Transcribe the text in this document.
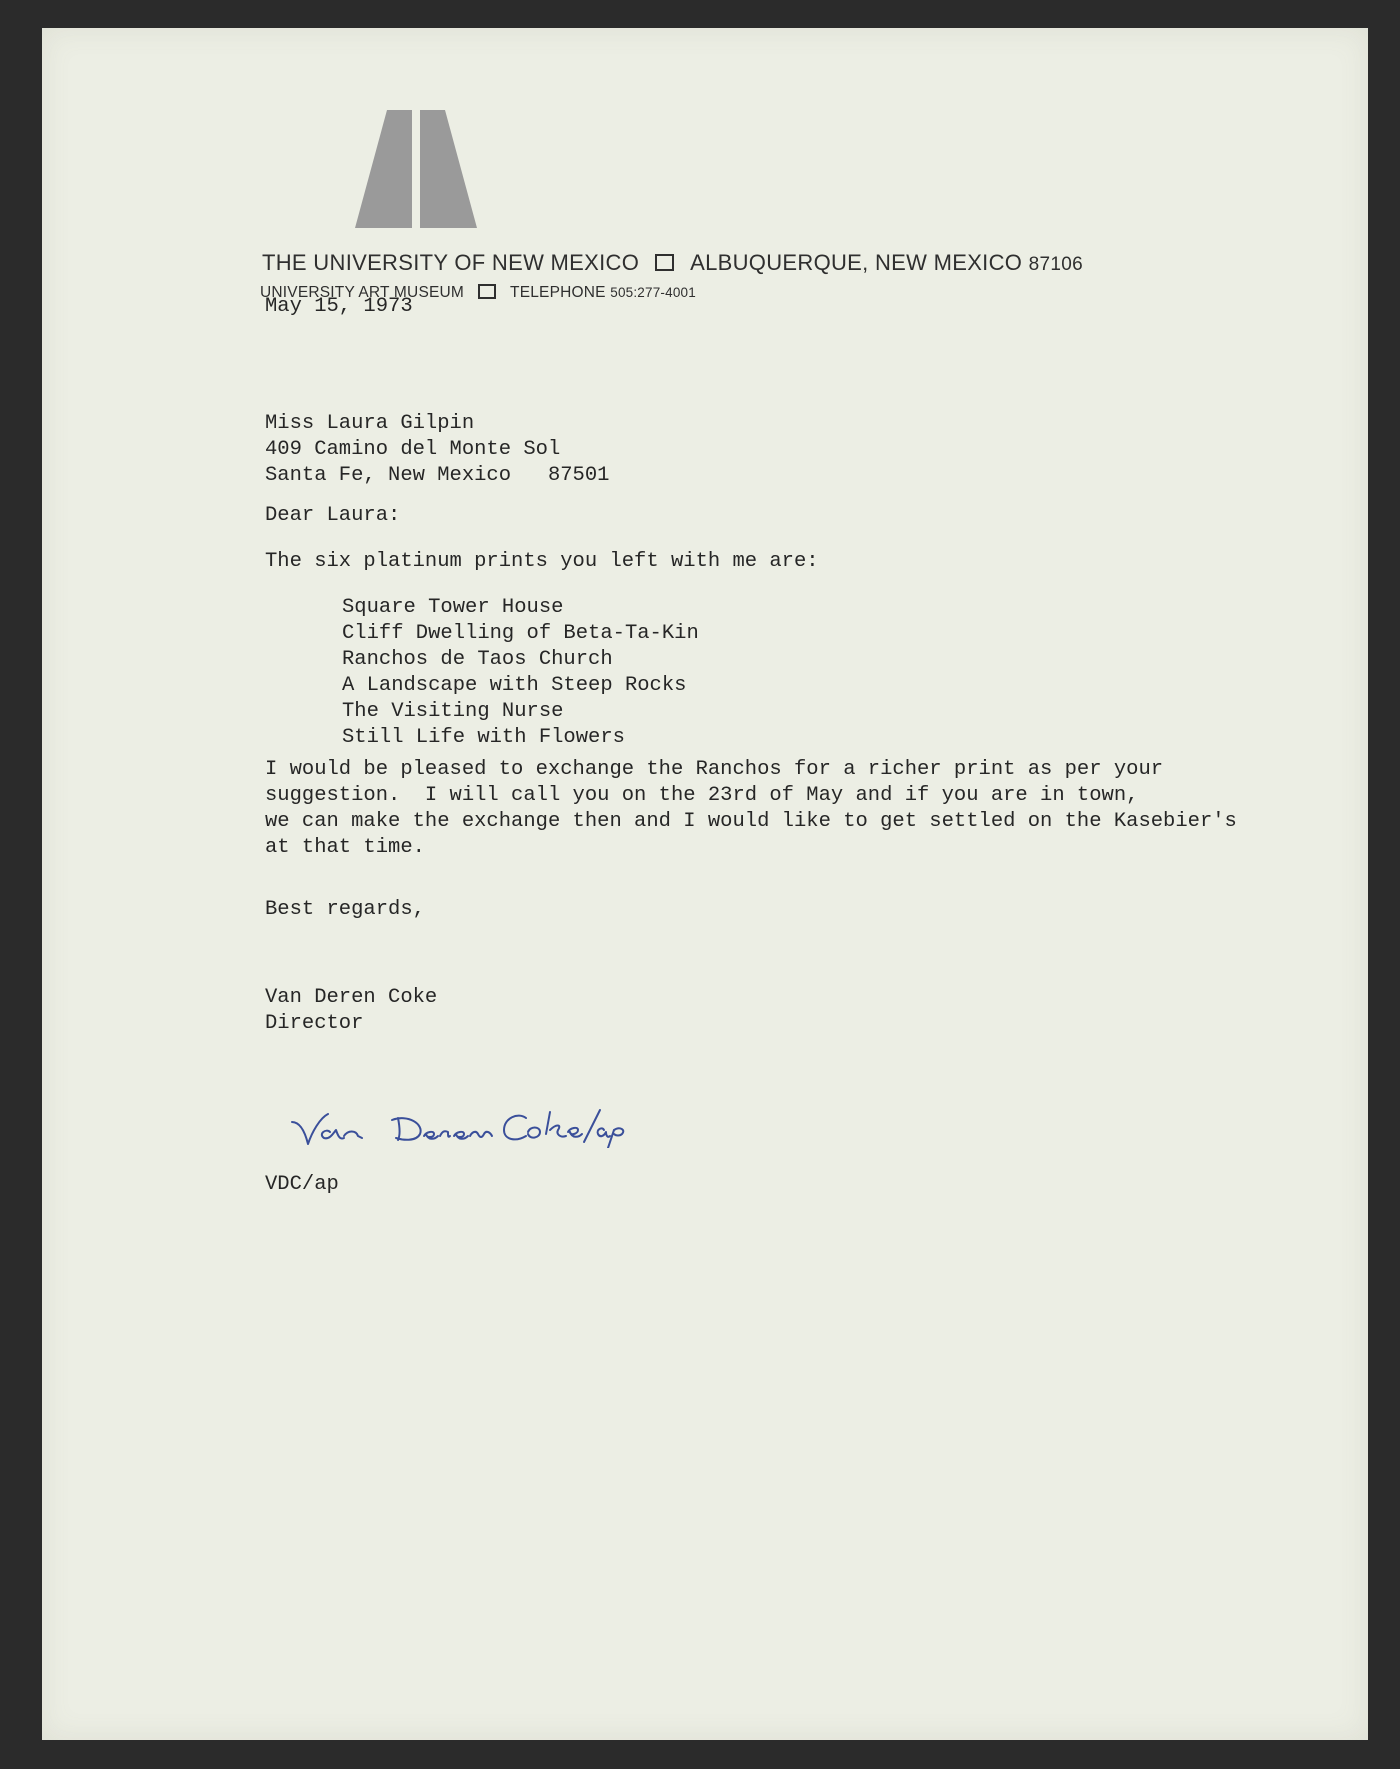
THE UNIVERSITY OF NEW MEXICO ALBUQUERQUE, NEW MEXICO 87106
UNIVERSITY ART MUSEUM	TELEPHONE 505:277-4001
May 15, 1973
Miss Laura Gilpin
409 Camino del Monte Sol
Santa Fe, New Mexico   87501
Dear Laura:
The six platinum prints you left with me are:
Square Tower House
Cliff Dwelling of Beta-Ta-Kin
Ranchos de Taos Church
A Landscape with Steep Rocks
The Visiting Nurse
Still Life with Flowers
I would be pleased to exchange the Ranchos for a richer print as per your
suggestion.  I will call you on the 23rd of May and if you are in town,
we can make the exchange then and I would like to get settled on the Kasebier's
at that time.
Best regards,
Van Deren Coke
Director
VDC/ap
